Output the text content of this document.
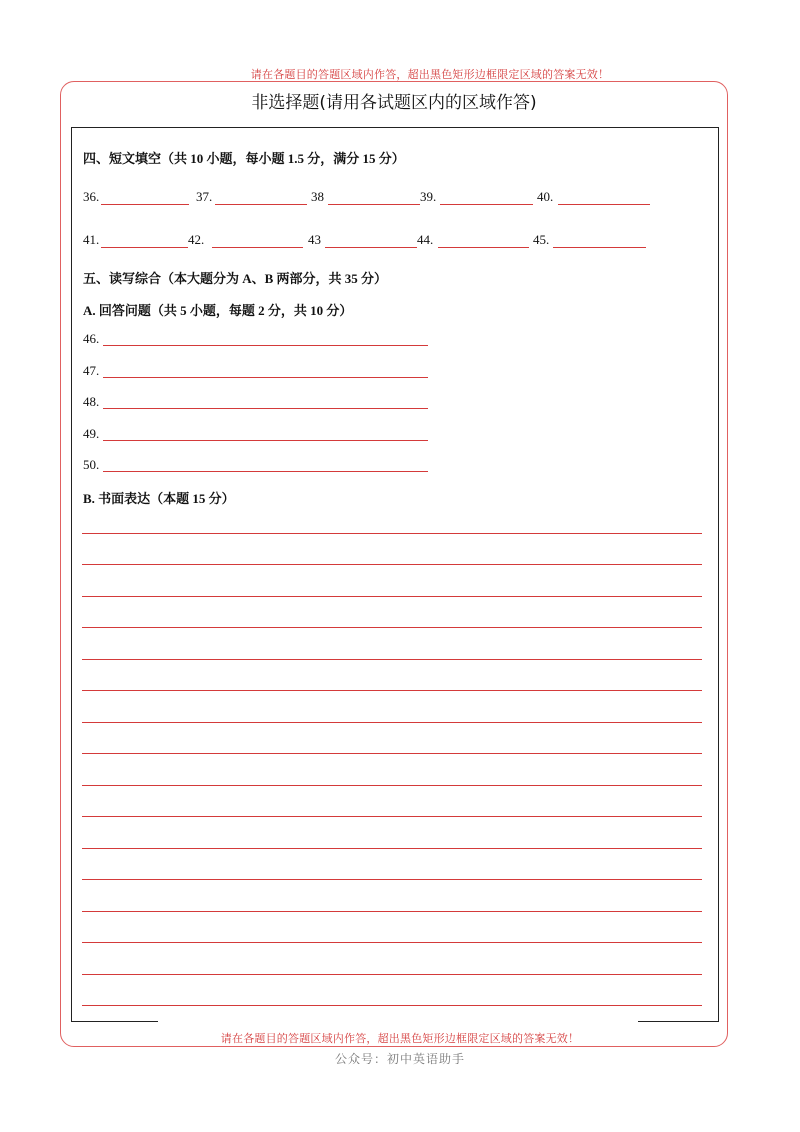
请在各题目的答题区域内作答，超出黑色矩形边框限定区域的答案无效！
非选择题(请用各试题区内的区域作答)
四、短文填空（共 10 小题，每小题 1.5 分，满分 15 分）
36.	37.	38	39.	40.
41.	42.	43	44.	45.
五、读写综合（本大题分为 A、B 两部分，共 35 分）
A. 回答问题（共 5 小题，每题 2 分，共 10 分）
46.
47.
48.
49.
50.
B. 书面表达（本题 15 分）
请在各题目的答题区域内作答，超出黑色矩形边框限定区域的答案无效！
公众号：初中英语助手
